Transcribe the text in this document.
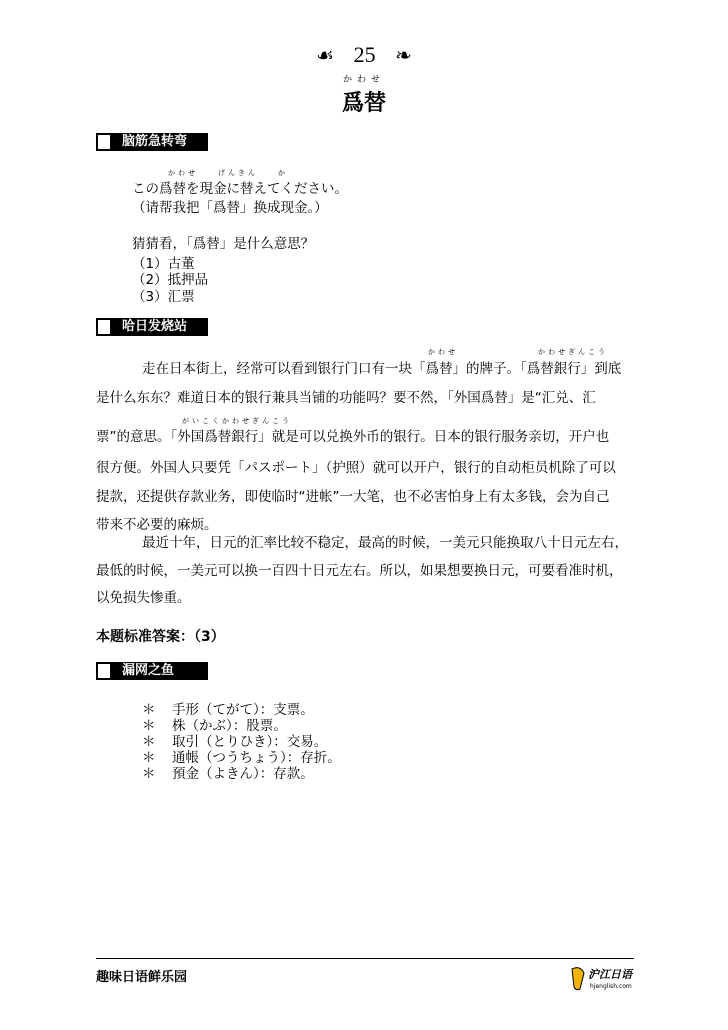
☙ 25 ❧
かわせ
爲替
脑筋急转弯
かわせ　　げんきん　　か
この爲替を現金に替えてください。
（请帮我把「爲替」换成现金。）
猜猜看，「爲替」是什么意思？
（1）古董
（2）抵押品
（3）汇票
哈日发烧站
かわせ	かわせぎんこう
走在日本街上，经常可以看到银行门口有一块「爲替」的牌子。「爲替銀行」到底
是什么东东？难道日本的银行兼具当铺的功能吗？要不然，「外国爲替」是“汇兑、汇
がいこくかわせぎんこう
票”的意思。「外国爲替銀行」就是可以兑换外币的银行。日本的银行服务亲切，开户也
很方便。外国人只要凭「パスポート」（护照）就可以开户，银行的自动柜员机除了可以
提款，还提供存款业务，即使临时“进帐”一大笔，也不必害怕身上有太多钱，会为自己
带来不必要的麻烦。
最近十年，日元的汇率比较不稳定，最高的时候，一美元只能换取八十日元左右，
最低的时候，一美元可以换一百四十日元左右。所以，如果想要换日元，可要看准时机，
以免损失惨重。
本题标准答案：（3）
漏网之鱼
＊ 手形（てがて）：支票。
＊ 株（かぶ）：股票。
＊ 取引（とりひき）：交易。
＊ 通帳（つうちょう）：存折。
＊ 預金（よきん）：存款。
趣味日语鲜乐园	沪江日语
hjenglish.com
